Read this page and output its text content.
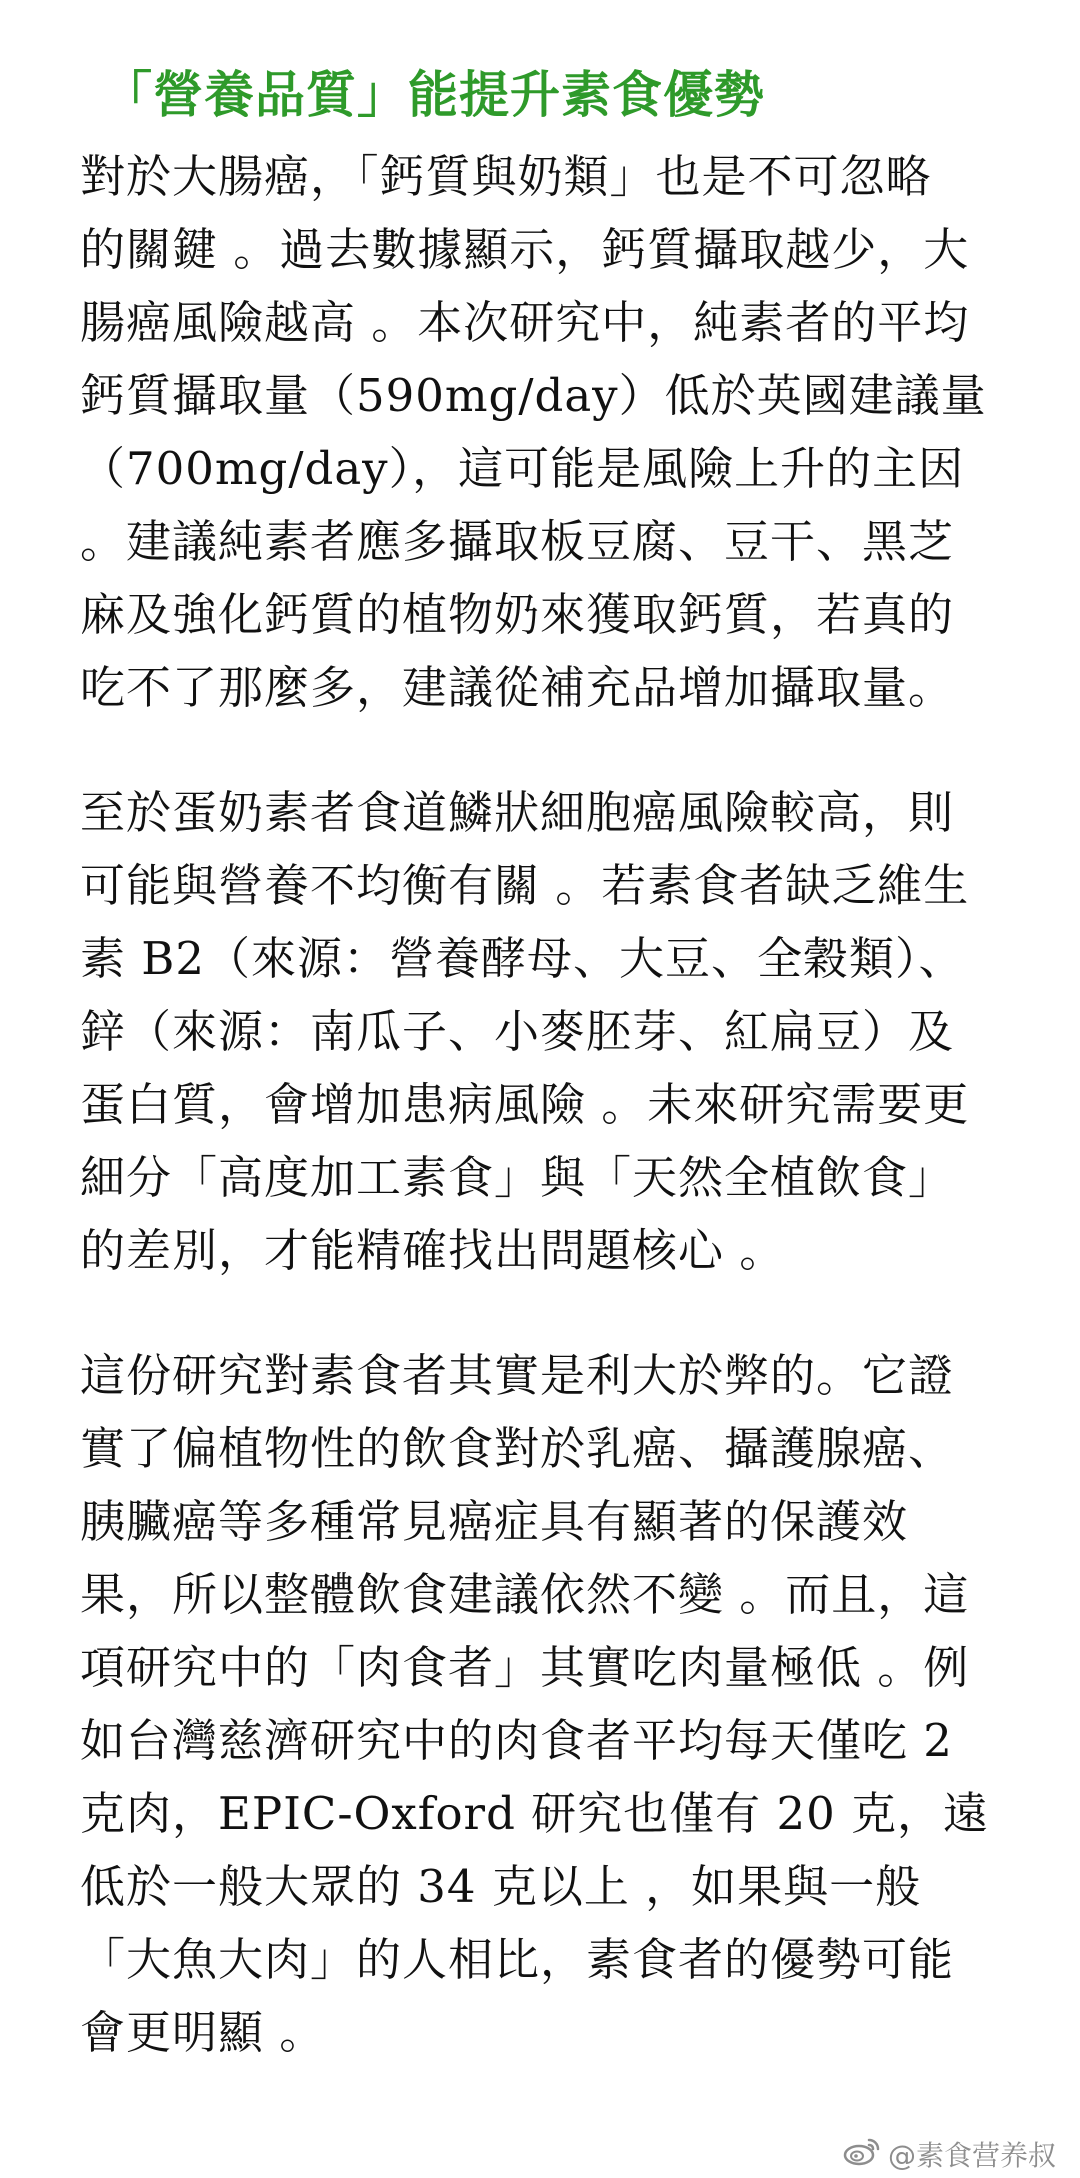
「營養品質」能提升素食優勢

對於大腸癌，「鈣質與奶類」也是不可忽略
的關鍵 。過去數據顯示，鈣質攝取越少，大
腸癌風險越高 。本次研究中，純素者的平均
鈣質攝取量（590mg/day）低於英國建議量
（700mg/day），這可能是風險上升的主因
。建議純素者應多攝取板豆腐、豆干、黑芝
麻及強化鈣質的植物奶來獲取鈣質，若真的
吃不了那麼多，建議從補充品增加攝取量。

至於蛋奶素者食道鱗狀細胞癌風險較高，則
可能與營養不均衡有關 。若素食者缺乏維生
素 B2（來源：營養酵母、大豆、全穀類）、
鋅（來源：南瓜子、小麥胚芽、紅扁豆）及
蛋白質，會增加患病風險 。未來研究需要更
細分「高度加工素食」與「天然全植飲食」
的差別，才能精確找出問題核心 。

這份研究對素食者其實是利大於弊的。它證
實了偏植物性的飲食對於乳癌、攝護腺癌、
胰臟癌等多種常見癌症具有顯著的保護效
果，所以整體飲食建議依然不變 。而且，這
項研究中的「肉食者」其實吃肉量極低 。例
如台灣慈濟研究中的肉食者平均每天僅吃 2
克肉，EPIC-Oxford 研究也僅有 20 克，遠
低於一般大眾的 34 克以上 ，如果與一般
「大魚大肉」的人相比，素食者的優勢可能
會更明顯 。

@素食营养叔
